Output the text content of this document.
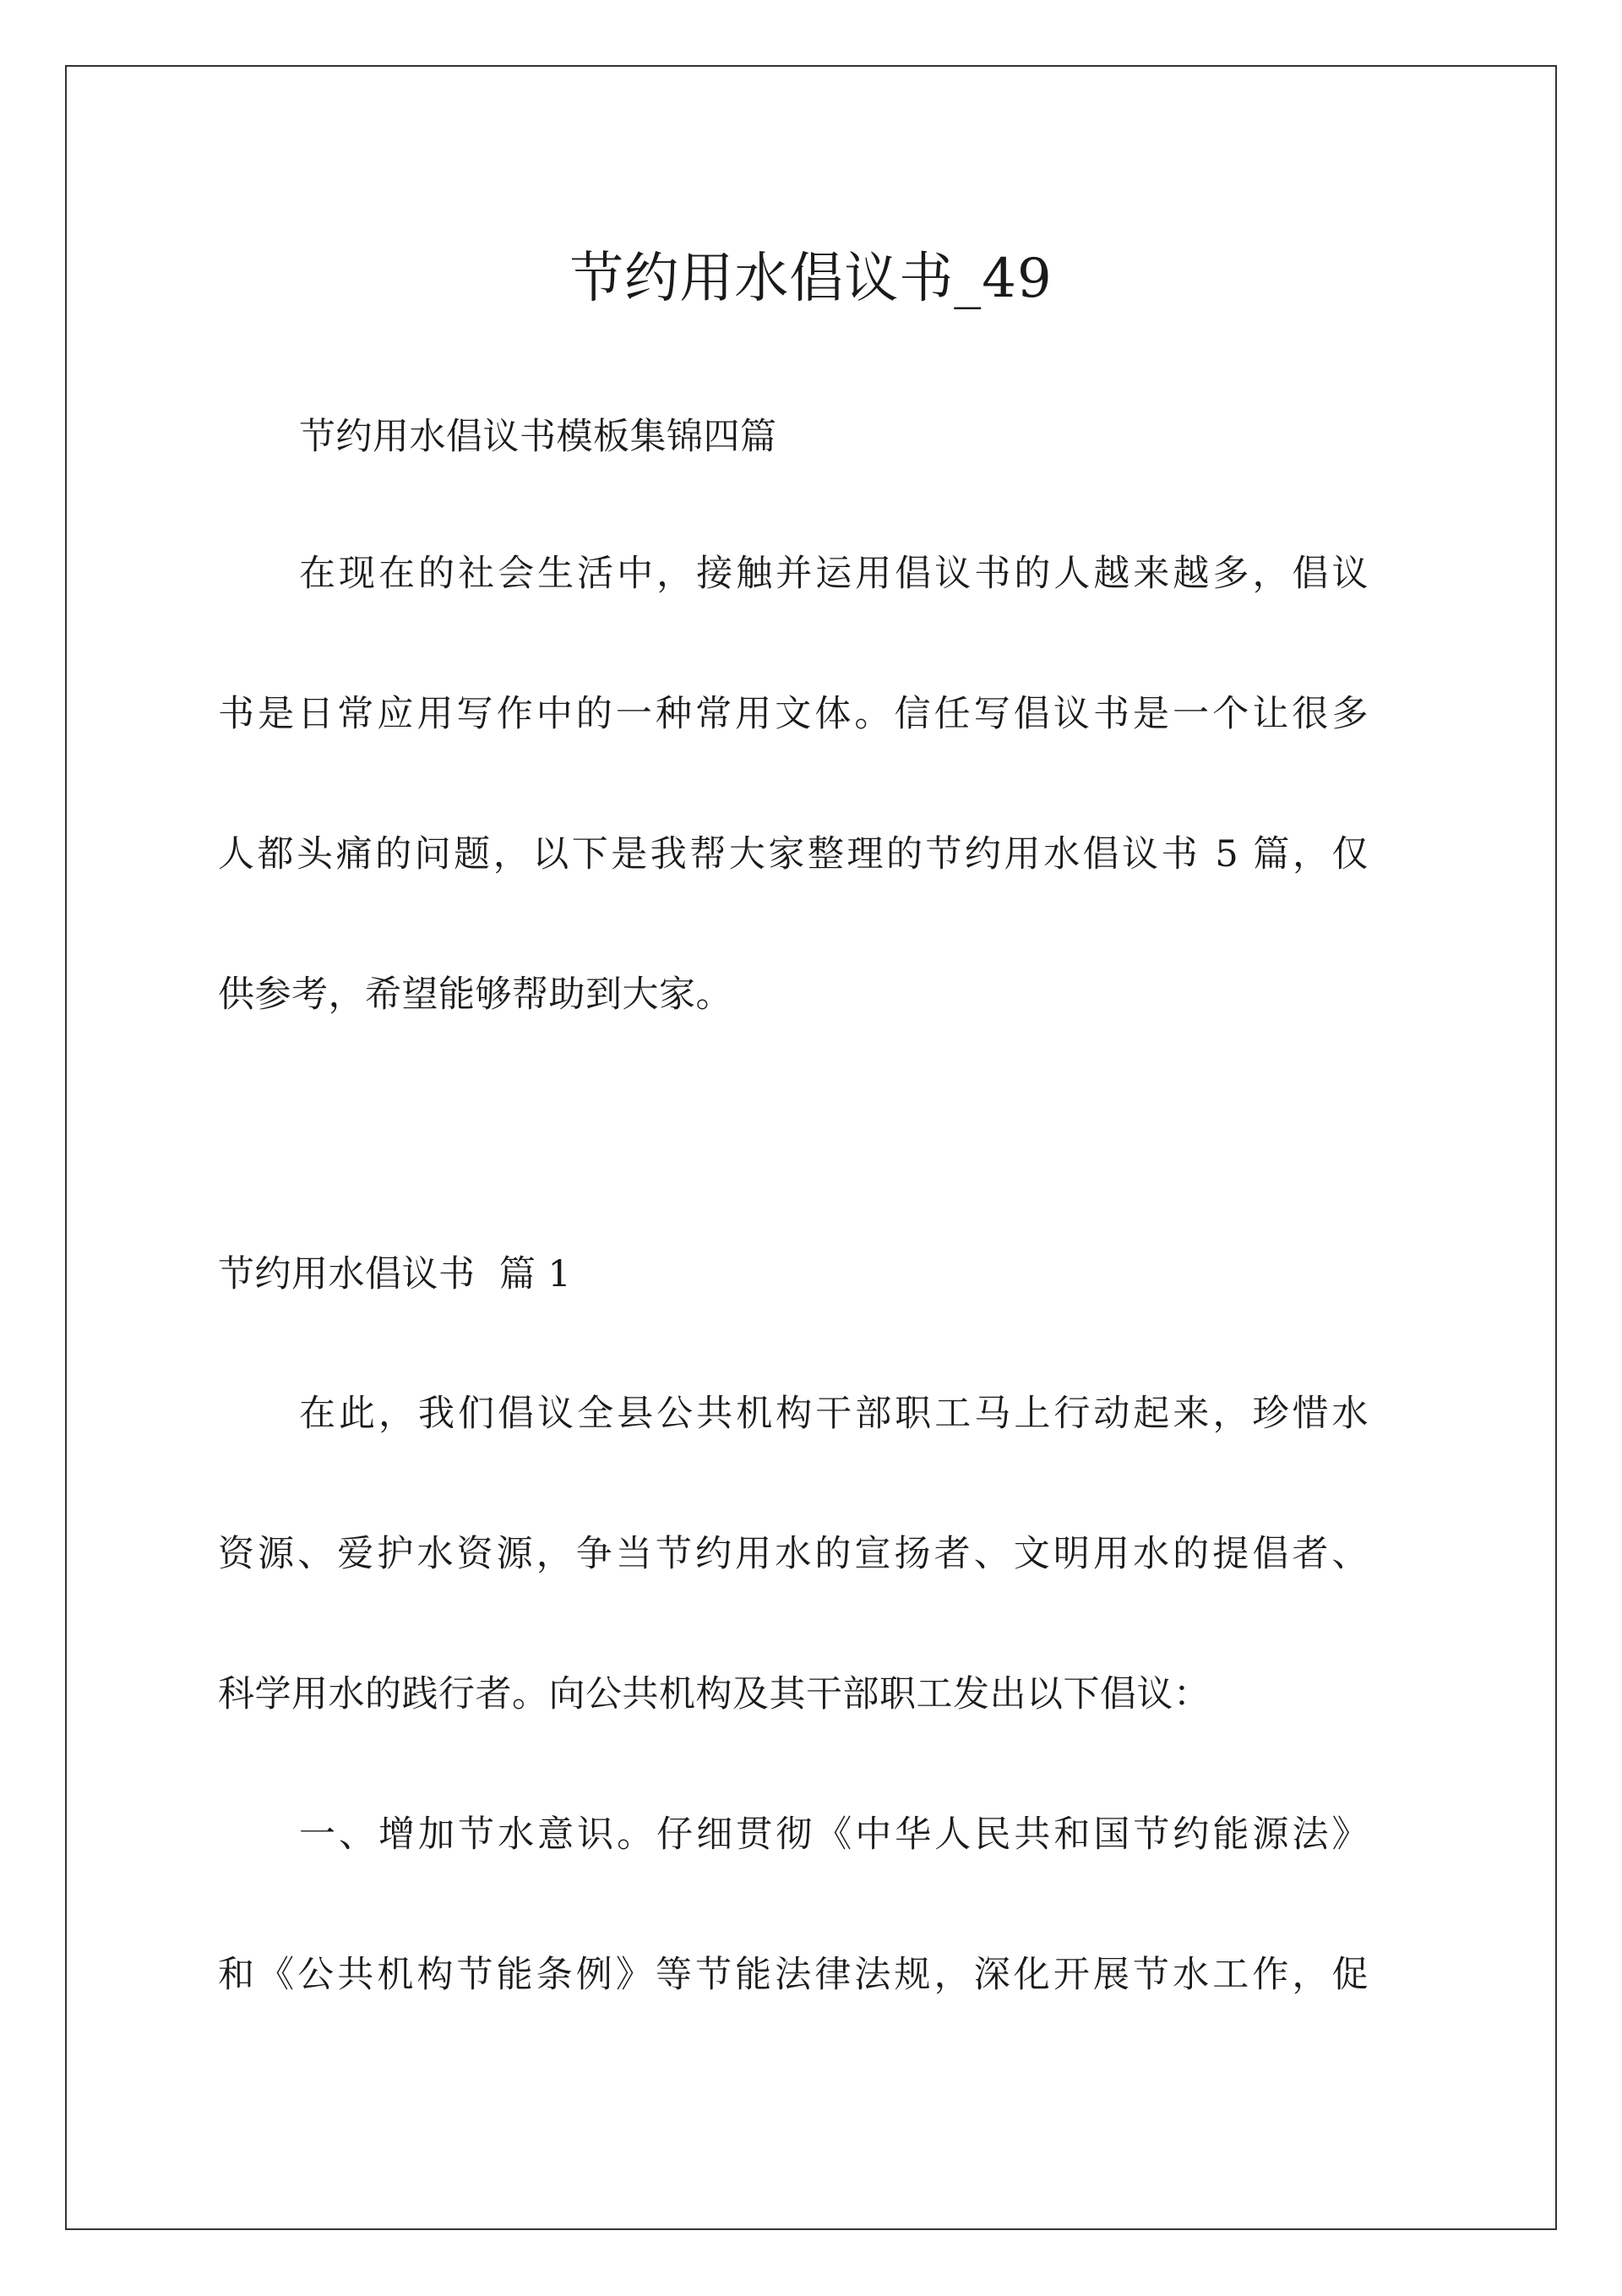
节约用水倡议书_49

节约用水倡议书模板集锦四篇

在现在的社会生活中，接触并运用倡议书的人越来越多，倡议

书是日常应用写作中的一种常用文体。信任写倡议书是一个让很多

人都头痛的问题，以下是我帮大家整理的节约用水倡议书 5 篇，仅

供参考，希望能够帮助到大家。

节约用水倡议书  篇 1

在此，我们倡议全县公共机构干部职工马上行动起来，珍惜水

资源、爱护水资源，争当节约用水的宣扬者、文明用水的提倡者、

科学用水的践行者。向公共机构及其干部职工发出以下倡议：

一、增加节水意识。仔细贯彻《中华人民共和国节约能源法》

和《公共机构节能条例》等节能法律法规，深化开展节水工作，促
